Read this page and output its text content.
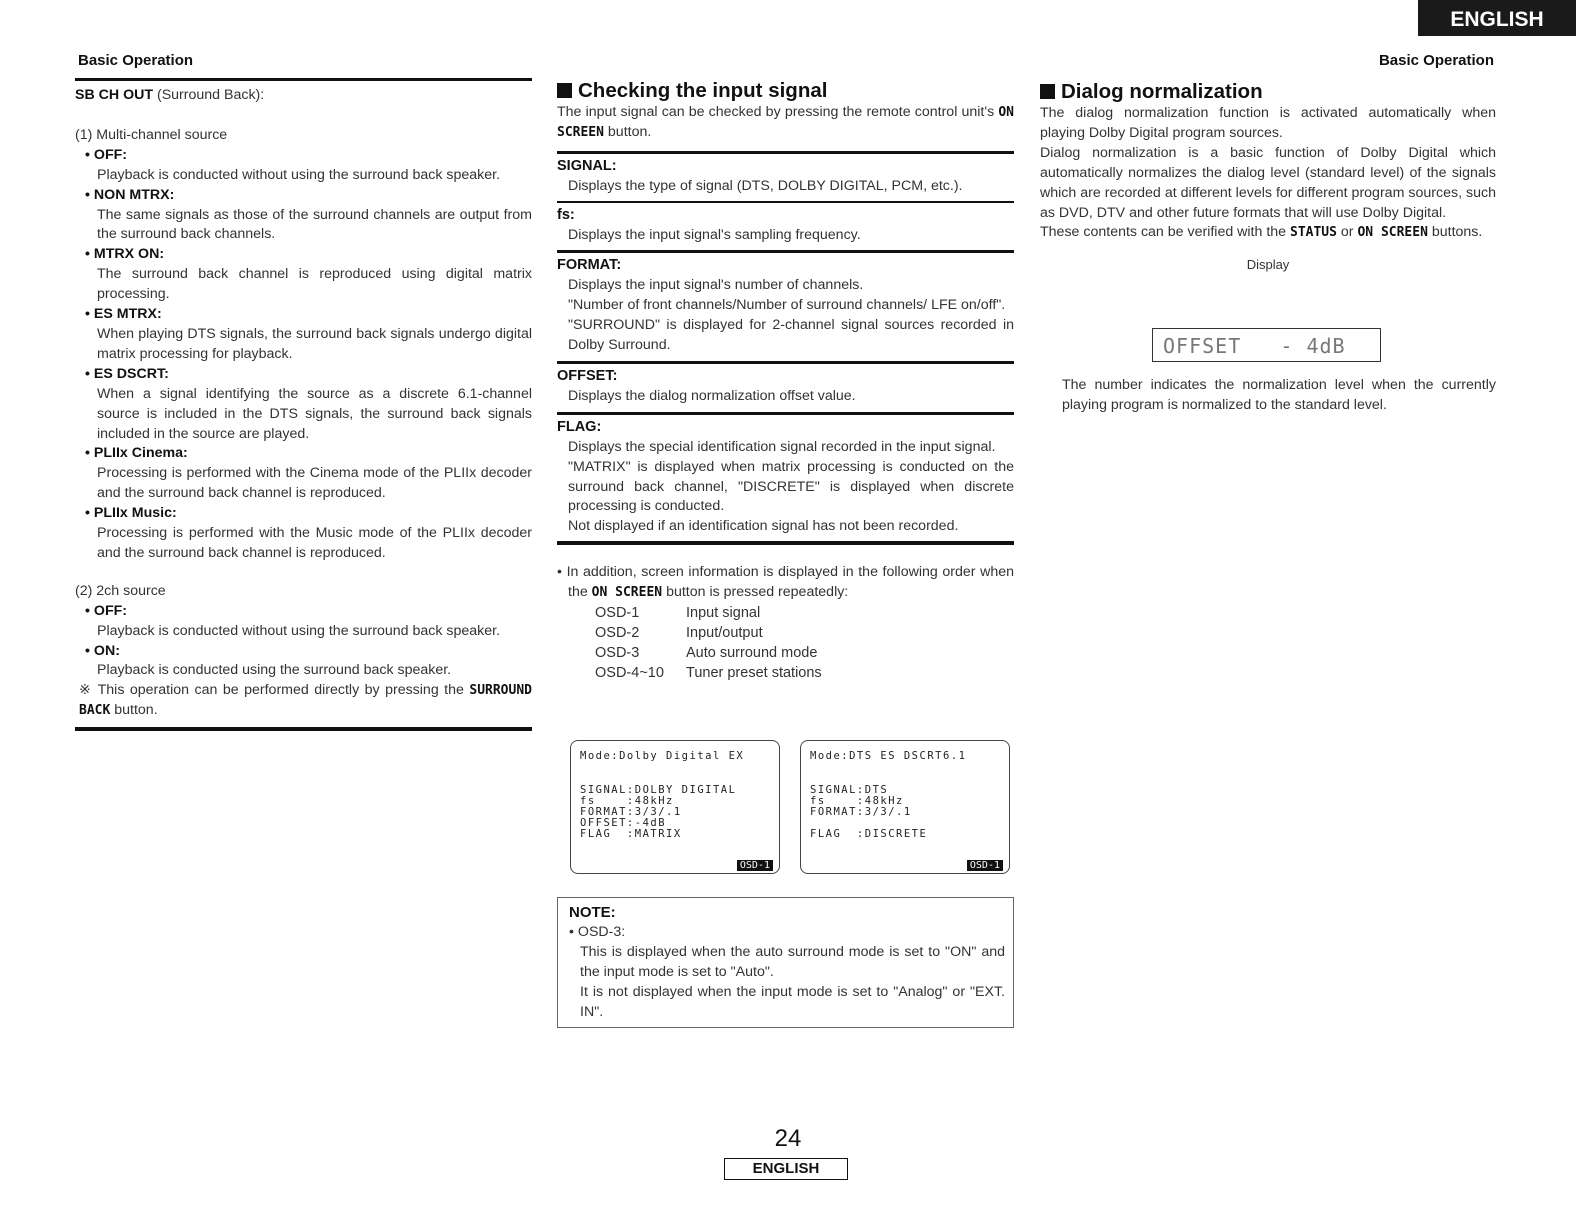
ENGLISH
Basic Operation	Basic Operation
SB CH OUT (Surround Back):
(1) Multi-channel source
• OFF:
Playback is conducted without using the surround back speaker.
• NON MTRX:
The same signals as those of the surround channels are output from the surround back channels.
• MTRX ON:
The surround back channel is reproduced using digital matrix processing.
• ES MTRX:
When playing DTS signals, the surround back signals undergo digital matrix processing for playback.
• ES DSCRT:
When a signal identifying the source as a discrete 6.1-channel source is included in the DTS signals, the surround back signals included in the source are played.
• PLIIx Cinema:
Processing is performed with the Cinema mode of the PLIIx decoder and the surround back channel is reproduced.
• PLIIx Music:
Processing is performed with the Music mode of the PLIIx decoder and the surround back channel is reproduced.
(2) 2ch source
• OFF:
Playback is conducted without using the surround back speaker.
• ON:
Playback is conducted using the surround back speaker.
※ This operation can be performed directly by pressing the SURROUND BACK button.
Checking the input signal
The input signal can be checked by pressing the remote control unit's ON SCREEN button.
SIGNAL:
Displays the type of signal (DTS, DOLBY DIGITAL, PCM, etc.).
fs:
Displays the input signal's sampling frequency.
FORMAT:
Displays the input signal's number of channels.
"Number of front channels/Number of surround channels/ LFE on/off".
"SURROUND" is displayed for 2-channel signal sources recorded in Dolby Surround.
OFFSET:
Displays the dialog normalization offset value.
FLAG:
Displays the special identification signal recorded in the input signal.
"MATRIX" is displayed when matrix processing is conducted on the surround back channel, "DISCRETE" is displayed when discrete processing is conducted.
Not displayed if an identification signal has not been recorded.
• In addition, screen information is displayed in the following order when the ON SCREEN button is pressed repeatedly:
OSD-1	Input signal
OSD-2	Input/output
OSD-3	Auto surround mode
OSD-4~10	Tuner preset stations
Mode:Dolby Digital EX
SIGNAL:DOLBY DIGITAL
fs    :48kHz
FORMAT:3/3/.1
OFFSET:-4dB
FLAG  :MATRIX
OSD-1
Mode:DTS ES DSCRT6.1
SIGNAL:DTS
fs    :48kHz
FORMAT:3/3/.1
FLAG  :DISCRETE
OSD-1
NOTE:
• OSD-3:
This is displayed when the auto surround mode is set to "ON" and the input mode is set to "Auto".
It is not displayed when the input mode is set to "Analog" or "EXT. IN".
Dialog normalization
The dialog normalization function is activated automatically when playing Dolby Digital program sources.
Dialog normalization is a basic function of Dolby Digital which automatically normalizes the dialog level (standard level) of the signals which are recorded at different levels for different program sources, such as DVD, DTV and other future formats that will use Dolby Digital.
These contents can be verified with the STATUS or ON SCREEN buttons.
Display
OFFSET   - 4dB
The number indicates the normalization level when the currently playing program is normalized to the standard level.
24
ENGLISH
